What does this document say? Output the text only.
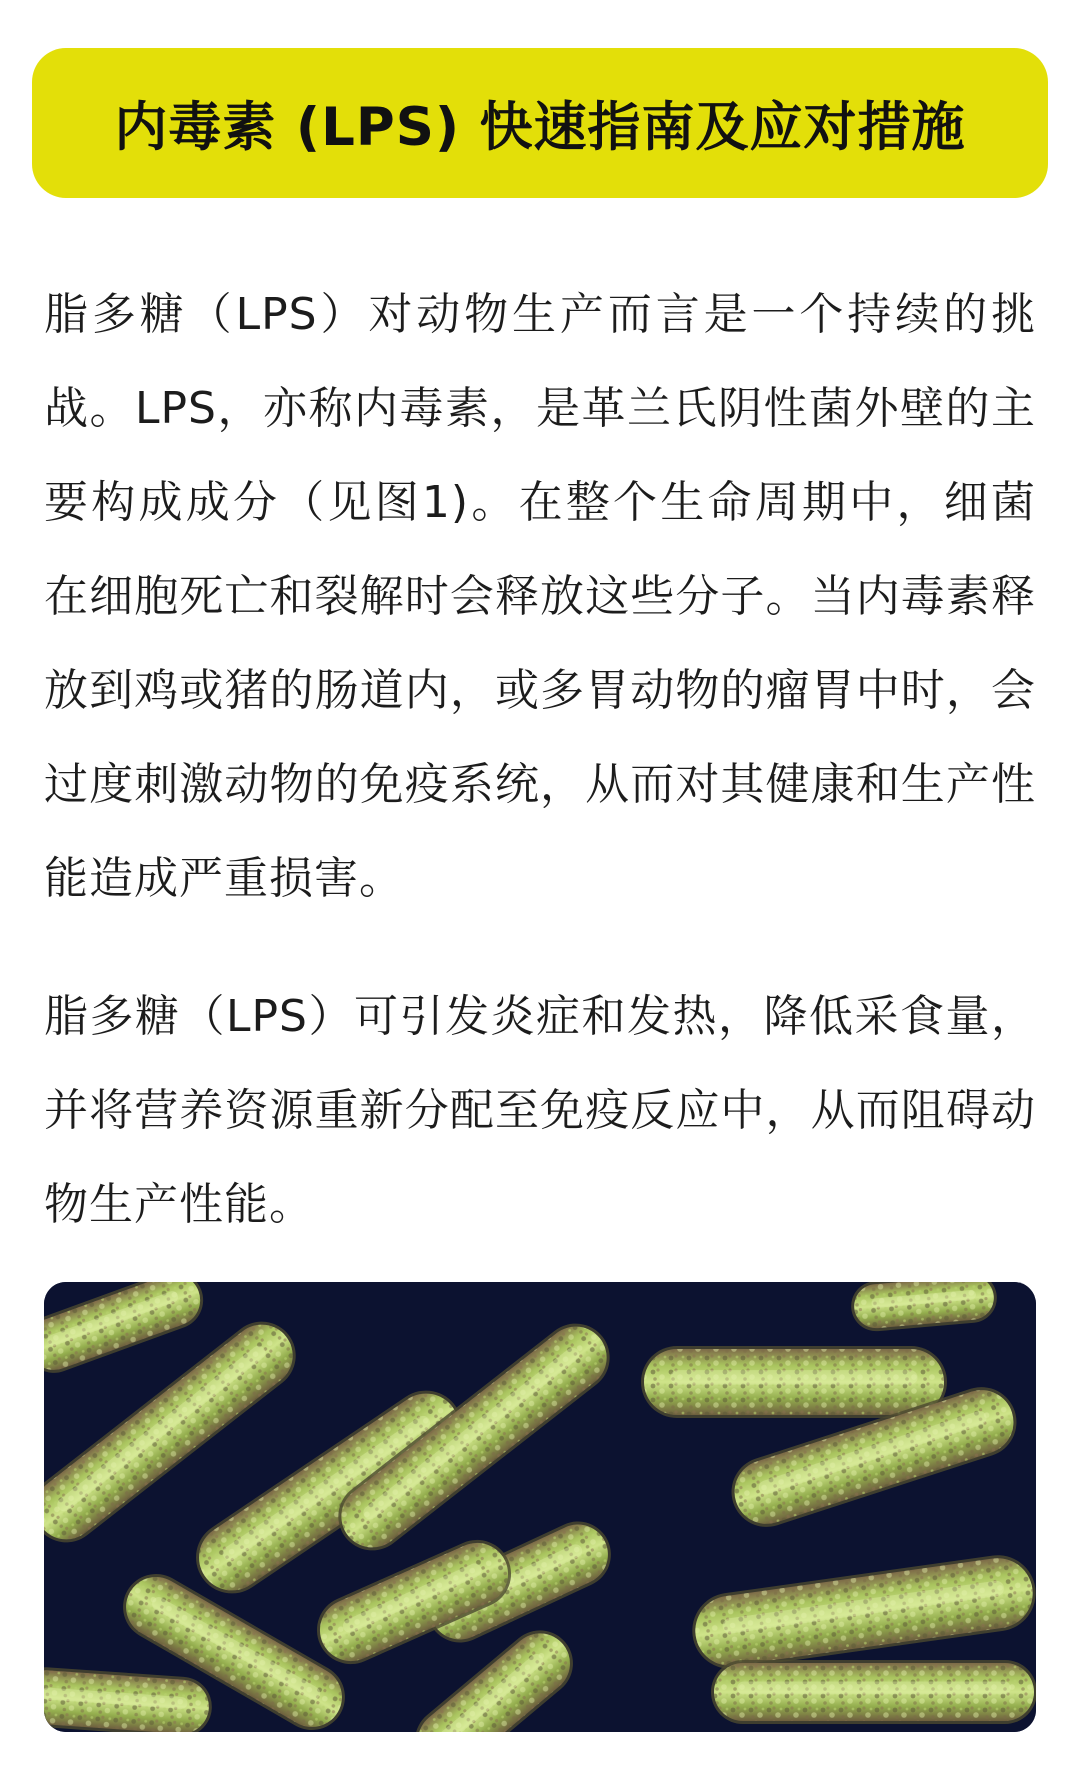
内毒素 (LPS) 快速指南及应对措施

脂多糖（LPS）对动物生产而言是一个持续的挑战。LPS，亦称内毒素，是革兰氏阴性菌外壁的主要构成成分（见图1)。在整个生命周期中，细菌在细胞死亡和裂解时会释放这些分子。当内毒素释放到鸡或猪的肠道内，或多胃动物的瘤胃中时，会过度刺激动物的免疫系统，从而对其健康和生产性能造成严重损害。

脂多糖（LPS）可引发炎症和发热，降低采食量，并将营养资源重新分配至免疫反应中，从而阻碍动物生产性能。
